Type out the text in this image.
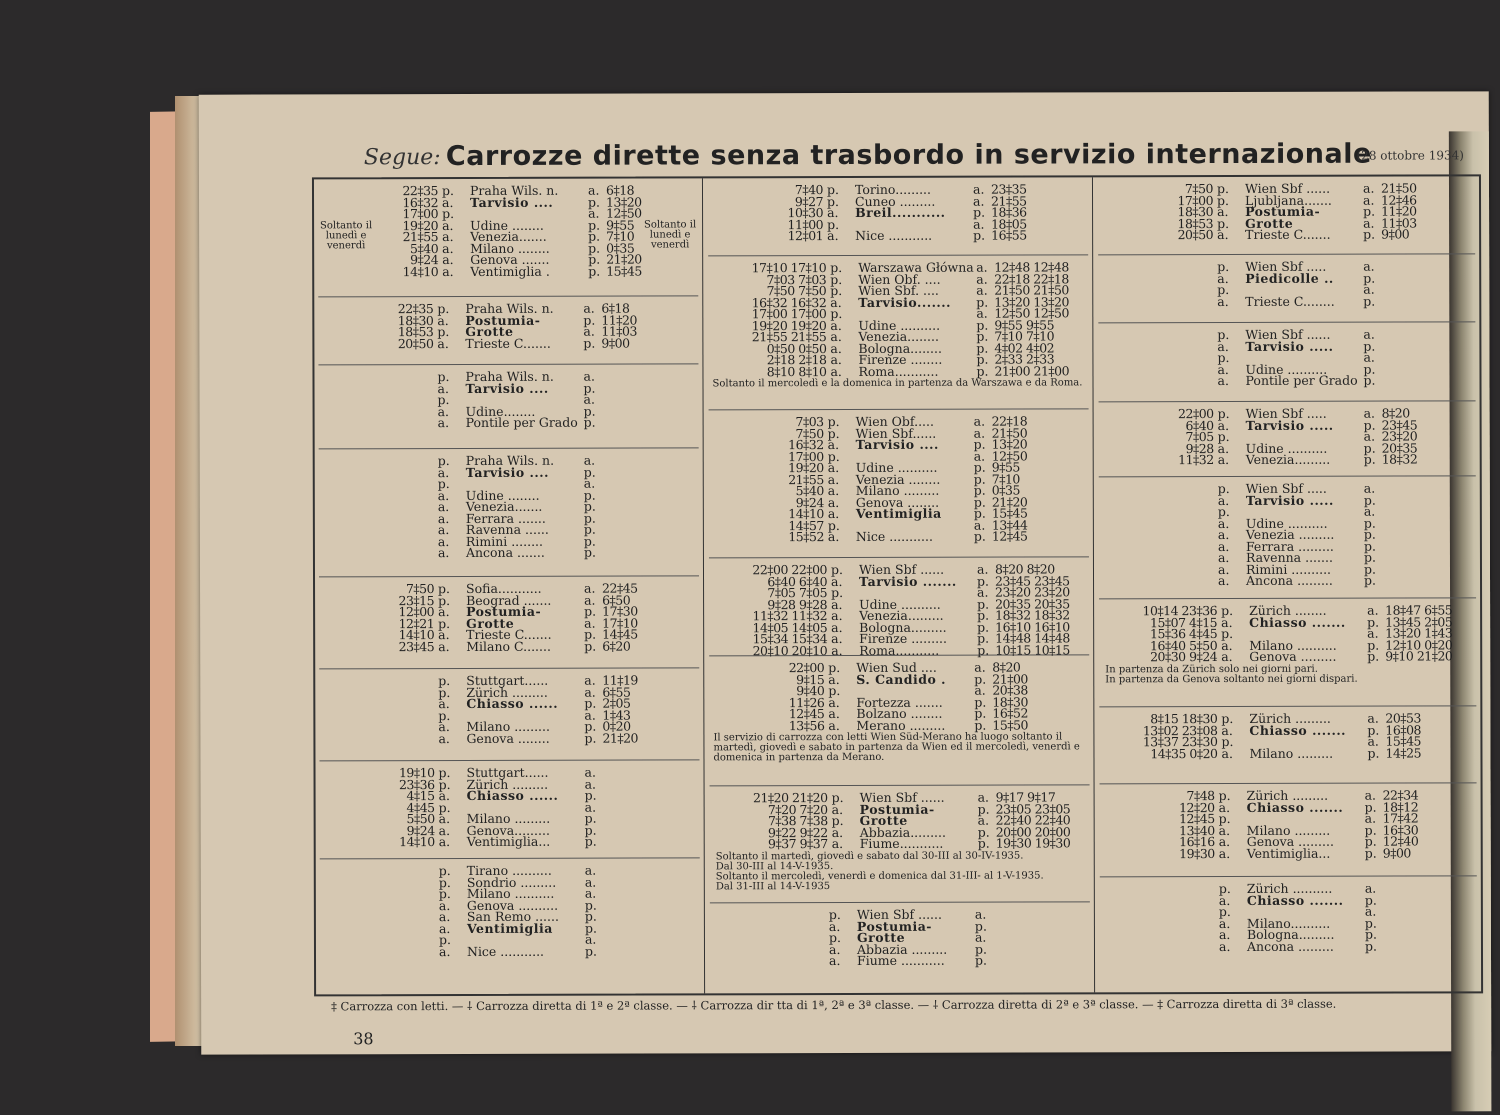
Segue: Carrozze dirette senza trasbordo in servizio internazionale
(28 ottobre 1934)
22‡35 p. Praha Wils. n. a. 6‡18
16‡32 a. Tarvisio ....	p. 13‡20
17‡00 p.	a. 12‡50
19‡20 a. Udine ........	p. 9‡55
21‡55 a. Venezia.......	p. 7‡10
5‡40 a. Milano ........	p. 0‡35
9‡24 a. Genova .......	p. 21‡20
14‡10 a. Ventimiglia .	p. 15‡45
Soltanto il lunedì e venerdì
Soltanto il lunedì e venerdì
22‡35 p. Praha Wils. n. a. 6‡18
18‡30 a. Postumia-	p. 11‡20
18‡53 p. Grotte	a. 11‡03
20‡50 a. Trieste C.......	p. 9‡00
p. Praha Wils. n. a.
a. Tarvisio ....	p.
p.	a.
a. Udine........	p.
a. Pontile per Grado p.
p. Praha Wils. n. a.
a. Tarvisio ....	p.
p.	a.
a. Udine ........	p.
a. Venezia.......	p.
a. Ferrara .......	p.
a. Ravenna ......	p.
a. Rimini ........	p.
a. Ancona .......	p.
7‡50 p. Sofia...........	a. 22‡45
23‡15 p. Beograd .......	a. 6‡50
12‡00 a. Postumia-	p. 17‡30
12‡21 p. Grotte	a. 17‡10
14‡10 a. Trieste C.......	p. 14‡45
23‡45 a. Milano C.......	p. 6‡20
p. Stuttgart......	a. 11‡19
p. Zürich .........	a. 6‡55
a. Chiasso ...... p. 2‡05
p.	a. 1‡43
a. Milano .........	p. 0‡20
a. Genova ........	p. 21‡20
19‡10 p. Stuttgart......	a.
23‡36 p. Zürich .........	a.
4‡15 a. Chiasso ...... p.
4‡45 p.	a.
5‡50 a. Milano .........	p.
9‡24 a. Genova.........	p.
14‡10 a. Ventimiglia...	p.
p. Tirano ..........	a.
p. Sondrio ......... a.
p. Milano .......... a.
a. Genova .......... p.
a. San Remo ...... p.
a. Ventimiglia	p.
p.	a.
a. Nice ...........	p.
7‡40 p. Torino.........	a. 23‡35
9‡27 p. Cuneo .........	a. 21‡55
10‡30 a. Breil........... p. 18‡36
11‡00 p.	a. 18‡05
12‡01 a. Nice ...........	p. 16‡55
17‡10 17‡10 p. Warszawa Główna a. 12‡48 12‡48
7‡03 7‡03 p. Wien Obf. ....	a. 22‡18 22‡18
7‡50 7‡50 p. Wien Sbf. ....	a. 21‡50 21‡50
16‡32 16‡32 a. Tarvisio....... p. 13‡20 13‡20
17‡00 17‡00 p.	a. 12‡50 12‡50
19‡20 19‡20 a. Udine ..........	p. 9‡55 9‡55
21‡55 21‡55 a. Venezia........	p. 7‡10 7‡10
0‡50 0‡50 a. Bologna........	p. 4‡02 4‡02
2‡18 2‡18 a. Firenze ........	p. 2‡33 2‡33
8‡10 8‡10 a. Roma...........	p. 21‡00 21‡00
Soltanto il mercoledì e la domenica in partenza da Warszawa e da Roma.
7‡03 p. Wien Obf.....	a. 22‡18
7‡50 p. Wien Sbf......	a. 21‡50
16‡32 a. Tarvisio ....	p. 13‡20
17‡00 p.	a. 12‡50
19‡20 a. Udine ..........	p. 9‡55
21‡55 a. Venezia ........	p. 7‡10
5‡40 a. Milano .........	p. 0‡35
9‡24 a. Genova ........	p. 21‡20
14‡10 a. Ventimiglia	p. 15‡45
14‡57 p.	a. 13‡44
15‡52 a. Nice ...........	p. 12‡45
22‡00 22‡00 p. Wien Sbf ......	a. 8‡20 8‡20
6‡40 6‡40 a. Tarvisio ....... p. 23‡45 23‡45
7‡05 7‡05 p.	a. 23‡20 23‡20
9‡28 9‡28 a. Udine ..........	p. 20‡35 20‡35
11‡32 11‡32 a. Venezia.........	p. 18‡32 18‡32
14‡05 14‡05 a. Bologna......... p. 16‡10 16‡10
15‡34 15‡34 a. Firenze ......... p. 14‡48 14‡48
20‡10 20‡10 a. Roma...........	p. 10‡15 10‡15
22‡00 p. Wien Sud ....	a. 8‡20
9‡15 a. S. Candido . p. 21‡00
9‡40 p.	a. 20‡38
11‡26 a. Fortezza .......	p. 18‡30
12‡45 a. Bolzano ........	p. 16‡52
13‡56 a. Merano ......... p. 15‡50
Il servizio di carrozza con letti Wien Süd-Merano ha luogo soltanto il martedì, giovedì e sabato in partenza da Wien ed il mercoledì, venerdì e domenica in partenza da Merano.
21‡20 21‡20 p. Wien Sbf ......	a. 9‡17 9‡17
7‡20 7‡20 a. Postumia-	p. 23‡05 23‡05
7‡38 7‡38 p. Grotte	a. 22‡40 22‡40
9‡22 9‡22 a. Abbazia.........	p. 20‡00 20‡00
9‡37 9‡37 a. Fiume...........	p. 19‡30 19‡30
Soltanto il martedì, giovedì e sabato dal 30-III al 30-IV-1935.
Dal 30-III al 14-V-1935.
Soltanto il mercoledì, venerdì e domenica dal 31-III- al 1-V-1935.
Dal 31-III al 14-V-1935
p. Wien Sbf ......	a.
a. Postumia-	p.
p. Grotte	a.
a. Abbazia ......... p.
a. Fiume ........... p.
7‡50 p. Wien Sbf ......	a. 21‡50
17‡00 p. Ljubljana....... a. 12‡46
18‡30 a. Postumia-	p. 11‡20
18‡53 p. Grotte	a. 11‡03
20‡50 a. Trieste C.......	p. 9‡00
p. Wien Sbf .....	a.
a. Piedicolle .. p.
p.	a.
a. Trieste C........ p.
p. Wien Sbf ......	a.
a. Tarvisio ..... p.
p.	a.
a. Udine ..........	p.
a. Pontile per Grado p.
22‡00 p. Wien Sbf .....	a. 8‡20
6‡40 a. Tarvisio ..... p. 23‡45
7‡05 p.	a. 23‡20
9‡28 a. Udine ..........	p. 20‡35
11‡32 a. Venezia.........	p. 18‡32
p. Wien Sbf .....	a.
a. Tarvisio ..... p.
p.	a.
a. Udine ..........	p.
a. Venezia ......... p.
a. Ferrara ......... p.
a. Ravenna ....... p.
a. Rimini ..........	p.
a. Ancona ......... p.
10‡14 23‡36 p. Zürich ........	a. 18‡47 6‡55
15‡07 4‡15 a. Chiasso ....... p. 13‡45 2‡05
15‡36 4‡45 p.	a. 13‡20 1‡43
16‡40 5‡50 a. Milano .......... p. 12‡10 0‡20
20‡30 9‡24 a. Genova ......... p. 9‡10 21‡20
In partenza da Zürich solo nei giorni pari.
In partenza da Genova soltanto nei giorni dispari.
8‡15 18‡30 p. Zürich .........	a. 20‡53
13‡02 23‡08 a. Chiasso ....... p. 16‡08
13‡37 23‡30 p.	a. 15‡45
14‡35 0‡20 a. Milano .........	p. 14‡25
7‡48 p. Zürich .........	a. 22‡34
12‡20 a. Chiasso ....... p. 18‡12
12‡45 p.	a. 17‡42
13‡40 a. Milano .........	p. 16‡30
16‡16 a. Genova ......... p. 12‡40
19‡30 a. Ventimiglia...	p. 9‡00
p. Zürich ..........	a.
a. Chiasso ....... p.
p.	a.
a. Milano..........	p.
a. Bologna......... p.
a. Ancona ......... p.
‡ Carrozza con letti. — ⸸ Carrozza diretta di 1ª e 2ª classe. — ⸸ Carrozza dir tta di 1ª, 2ª e 3ª classe. — ⸸ Carrozza diretta di 2ª e 3ª classe. — ‡ Carrozza diretta di 3ª classe.
38
